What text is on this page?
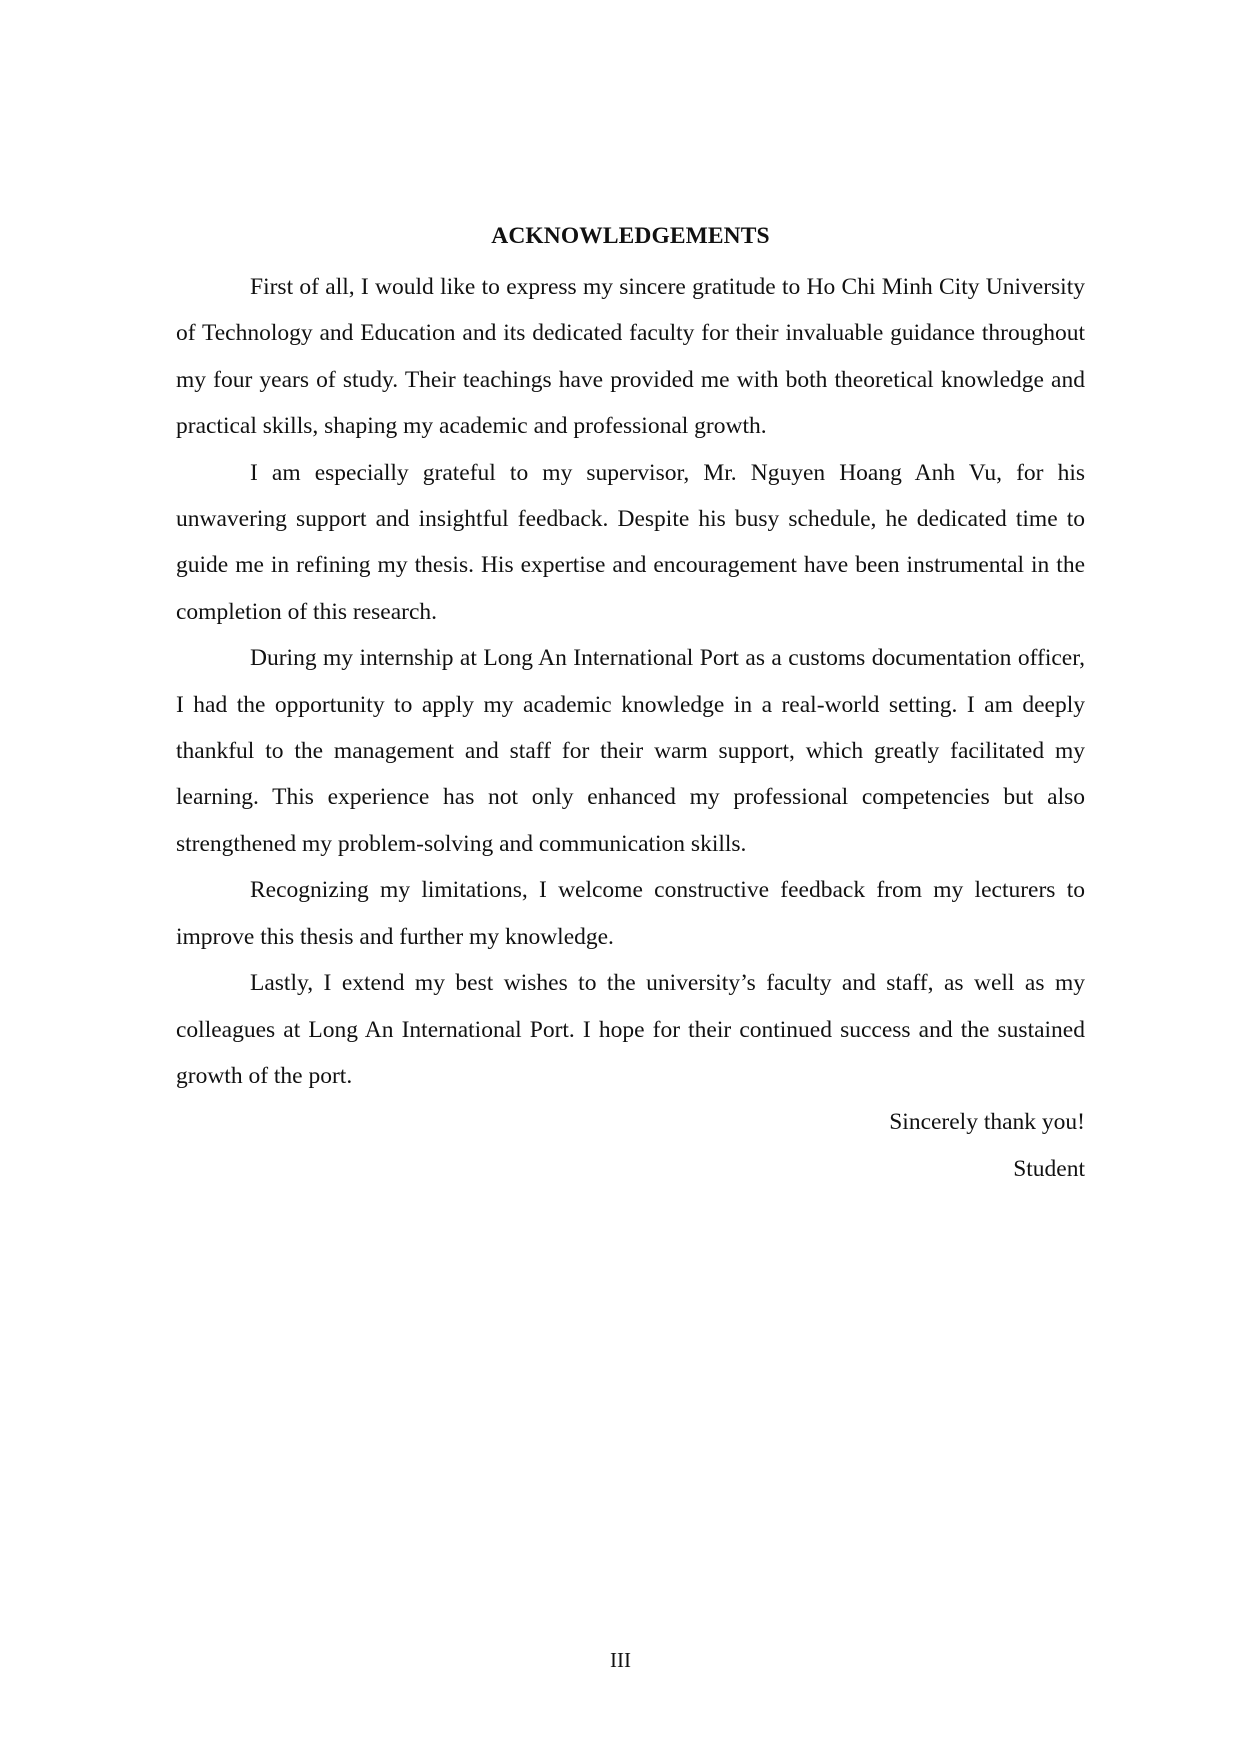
ACKNOWLEDGEMENTS

First of all, I would like to express my sincere gratitude to Ho Chi Minh City University of Technology and Education and its dedicated faculty for their invaluable guidance throughout my four years of study. Their teachings have provided me with both theoretical knowledge and practical skills, shaping my academic and professional growth.

I am especially grateful to my supervisor, Mr. Nguyen Hoang Anh Vu, for his unwavering support and insightful feedback. Despite his busy schedule, he dedicated time to guide me in refining my thesis. His expertise and encouragement have been instrumental in the completion of this research.

During my internship at Long An International Port as a customs documentation officer, I had the opportunity to apply my academic knowledge in a real-world setting. I am deeply thankful to the management and staff for their warm support, which greatly facilitated my learning. This experience has not only enhanced my professional competencies but also strengthened my problem-solving and communication skills.

Recognizing my limitations, I welcome constructive feedback from my lecturers to improve this thesis and further my knowledge.

Lastly, I extend my best wishes to the university’s faculty and staff, as well as my colleagues at Long An International Port. I hope for their continued success and the sustained growth of the port.

Sincerely thank you!
Student
III
